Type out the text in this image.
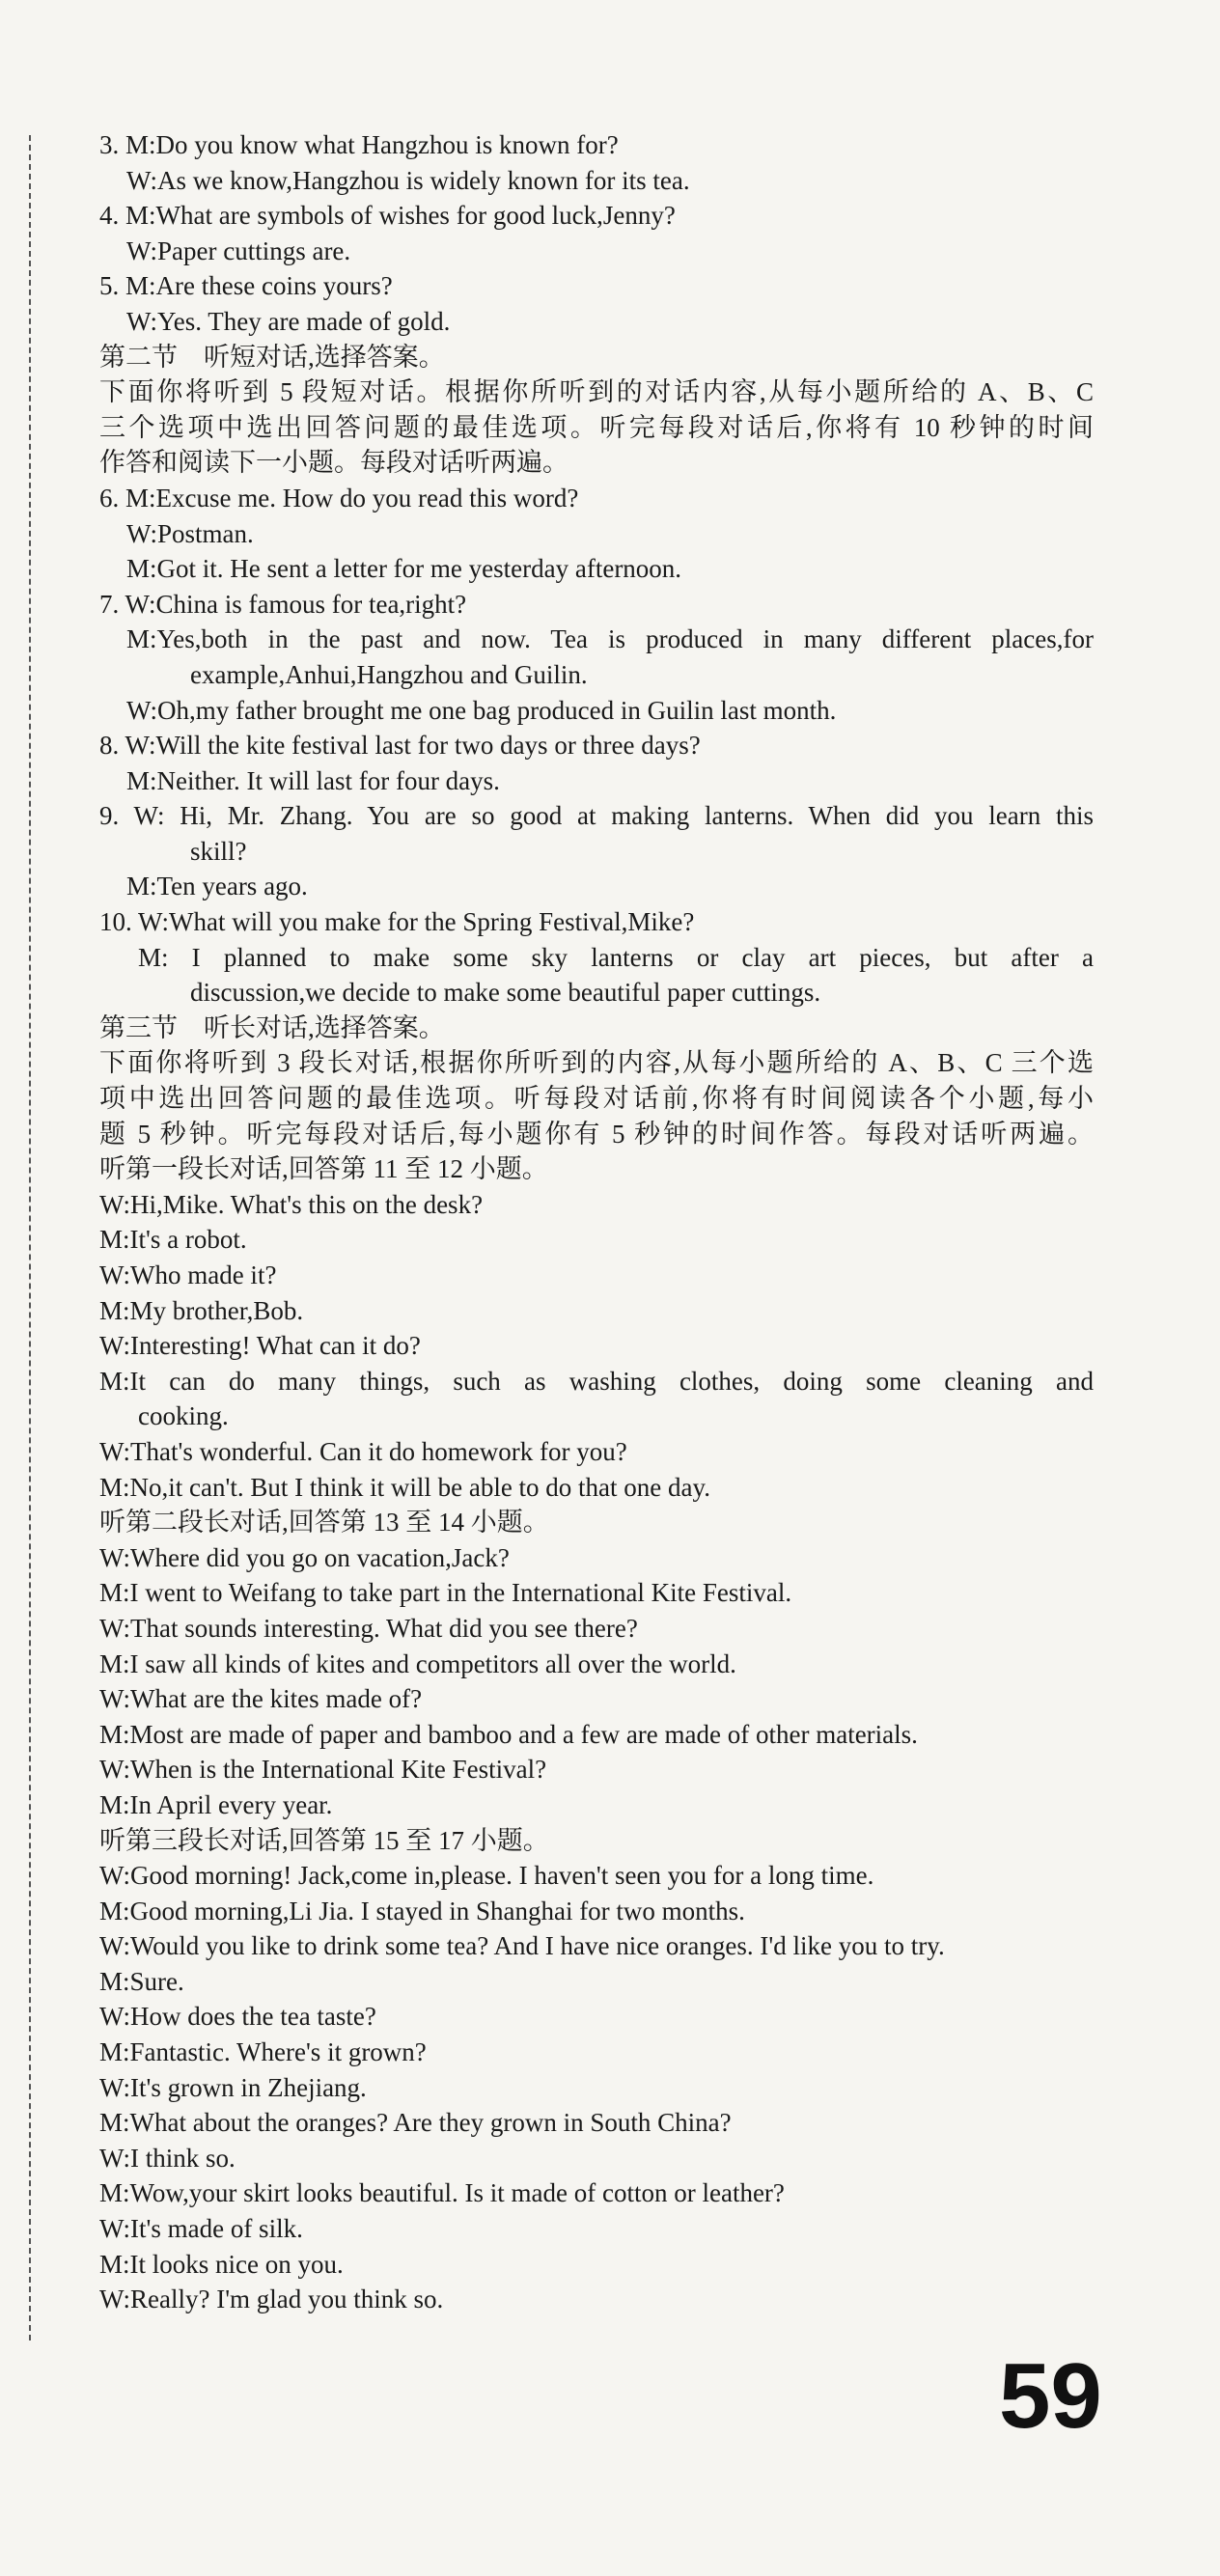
3. M:Do you know what Hangzhou is known for?
W:As we know,Hangzhou is widely known for its tea.
4. M:What are symbols of wishes for good luck,Jenny?
W:Paper cuttings are.
5. M:Are these coins yours?
W:Yes. They are made of gold.
第二节　听短对话,选择答案。
下面你将听到 5 段短对话。根据你所听到的对话内容,从每小题所给的 A、B、C
三个选项中选出回答问题的最佳选项。听完每段对话后,你将有 10 秒钟的时间
作答和阅读下一小题。每段对话听两遍。
6. M:Excuse me. How do you read this word?
W:Postman.
M:Got it. He sent a letter for me yesterday afternoon.
7. W:China is famous for tea,right?
M:Yes,both in the past and now. Tea is produced in many different places,for
example,Anhui,Hangzhou and Guilin.
W:Oh,my father brought me one bag produced in Guilin last month.
8. W:Will the kite festival last for two days or three days?
M:Neither. It will last for four days.
9. W: Hi, Mr. Zhang. You are so good at making lanterns. When did you learn this
skill?
M:Ten years ago.
10. W:What will you make for the Spring Festival,Mike?
M: I planned to make some sky lanterns or clay art pieces, but after a
discussion,we decide to make some beautiful paper cuttings.
第三节　听长对话,选择答案。
下面你将听到 3 段长对话,根据你所听到的内容,从每小题所给的 A、B、C 三个选
项中选出回答问题的最佳选项。听每段对话前,你将有时间阅读各个小题,每小
题 5 秒钟。听完每段对话后,每小题你有 5 秒钟的时间作答。每段对话听两遍。
听第一段长对话,回答第 11 至 12 小题。
W:Hi,Mike. What's this on the desk?
M:It's a robot.
W:Who made it?
M:My brother,Bob.
W:Interesting! What can it do?
M:It can do many things, such as washing clothes, doing some cleaning and
cooking.
W:That's wonderful. Can it do homework for you?
M:No,it can't. But I think it will be able to do that one day.
听第二段长对话,回答第 13 至 14 小题。
W:Where did you go on vacation,Jack?
M:I went to Weifang to take part in the International Kite Festival.
W:That sounds interesting. What did you see there?
M:I saw all kinds of kites and competitors all over the world.
W:What are the kites made of?
M:Most are made of paper and bamboo and a few are made of other materials.
W:When is the International Kite Festival?
M:In April every year.
听第三段长对话,回答第 15 至 17 小题。
W:Good morning! Jack,come in,please. I haven't seen you for a long time.
M:Good morning,Li Jia. I stayed in Shanghai for two months.
W:Would you like to drink some tea? And I have nice oranges. I'd like you to try.
M:Sure.
W:How does the tea taste?
M:Fantastic. Where's it grown?
W:It's grown in Zhejiang.
M:What about the oranges? Are they grown in South China?
W:I think so.
M:Wow,your skirt looks beautiful. Is it made of cotton or leather?
W:It's made of silk.
M:It looks nice on you.
W:Really? I'm glad you think so.
59
